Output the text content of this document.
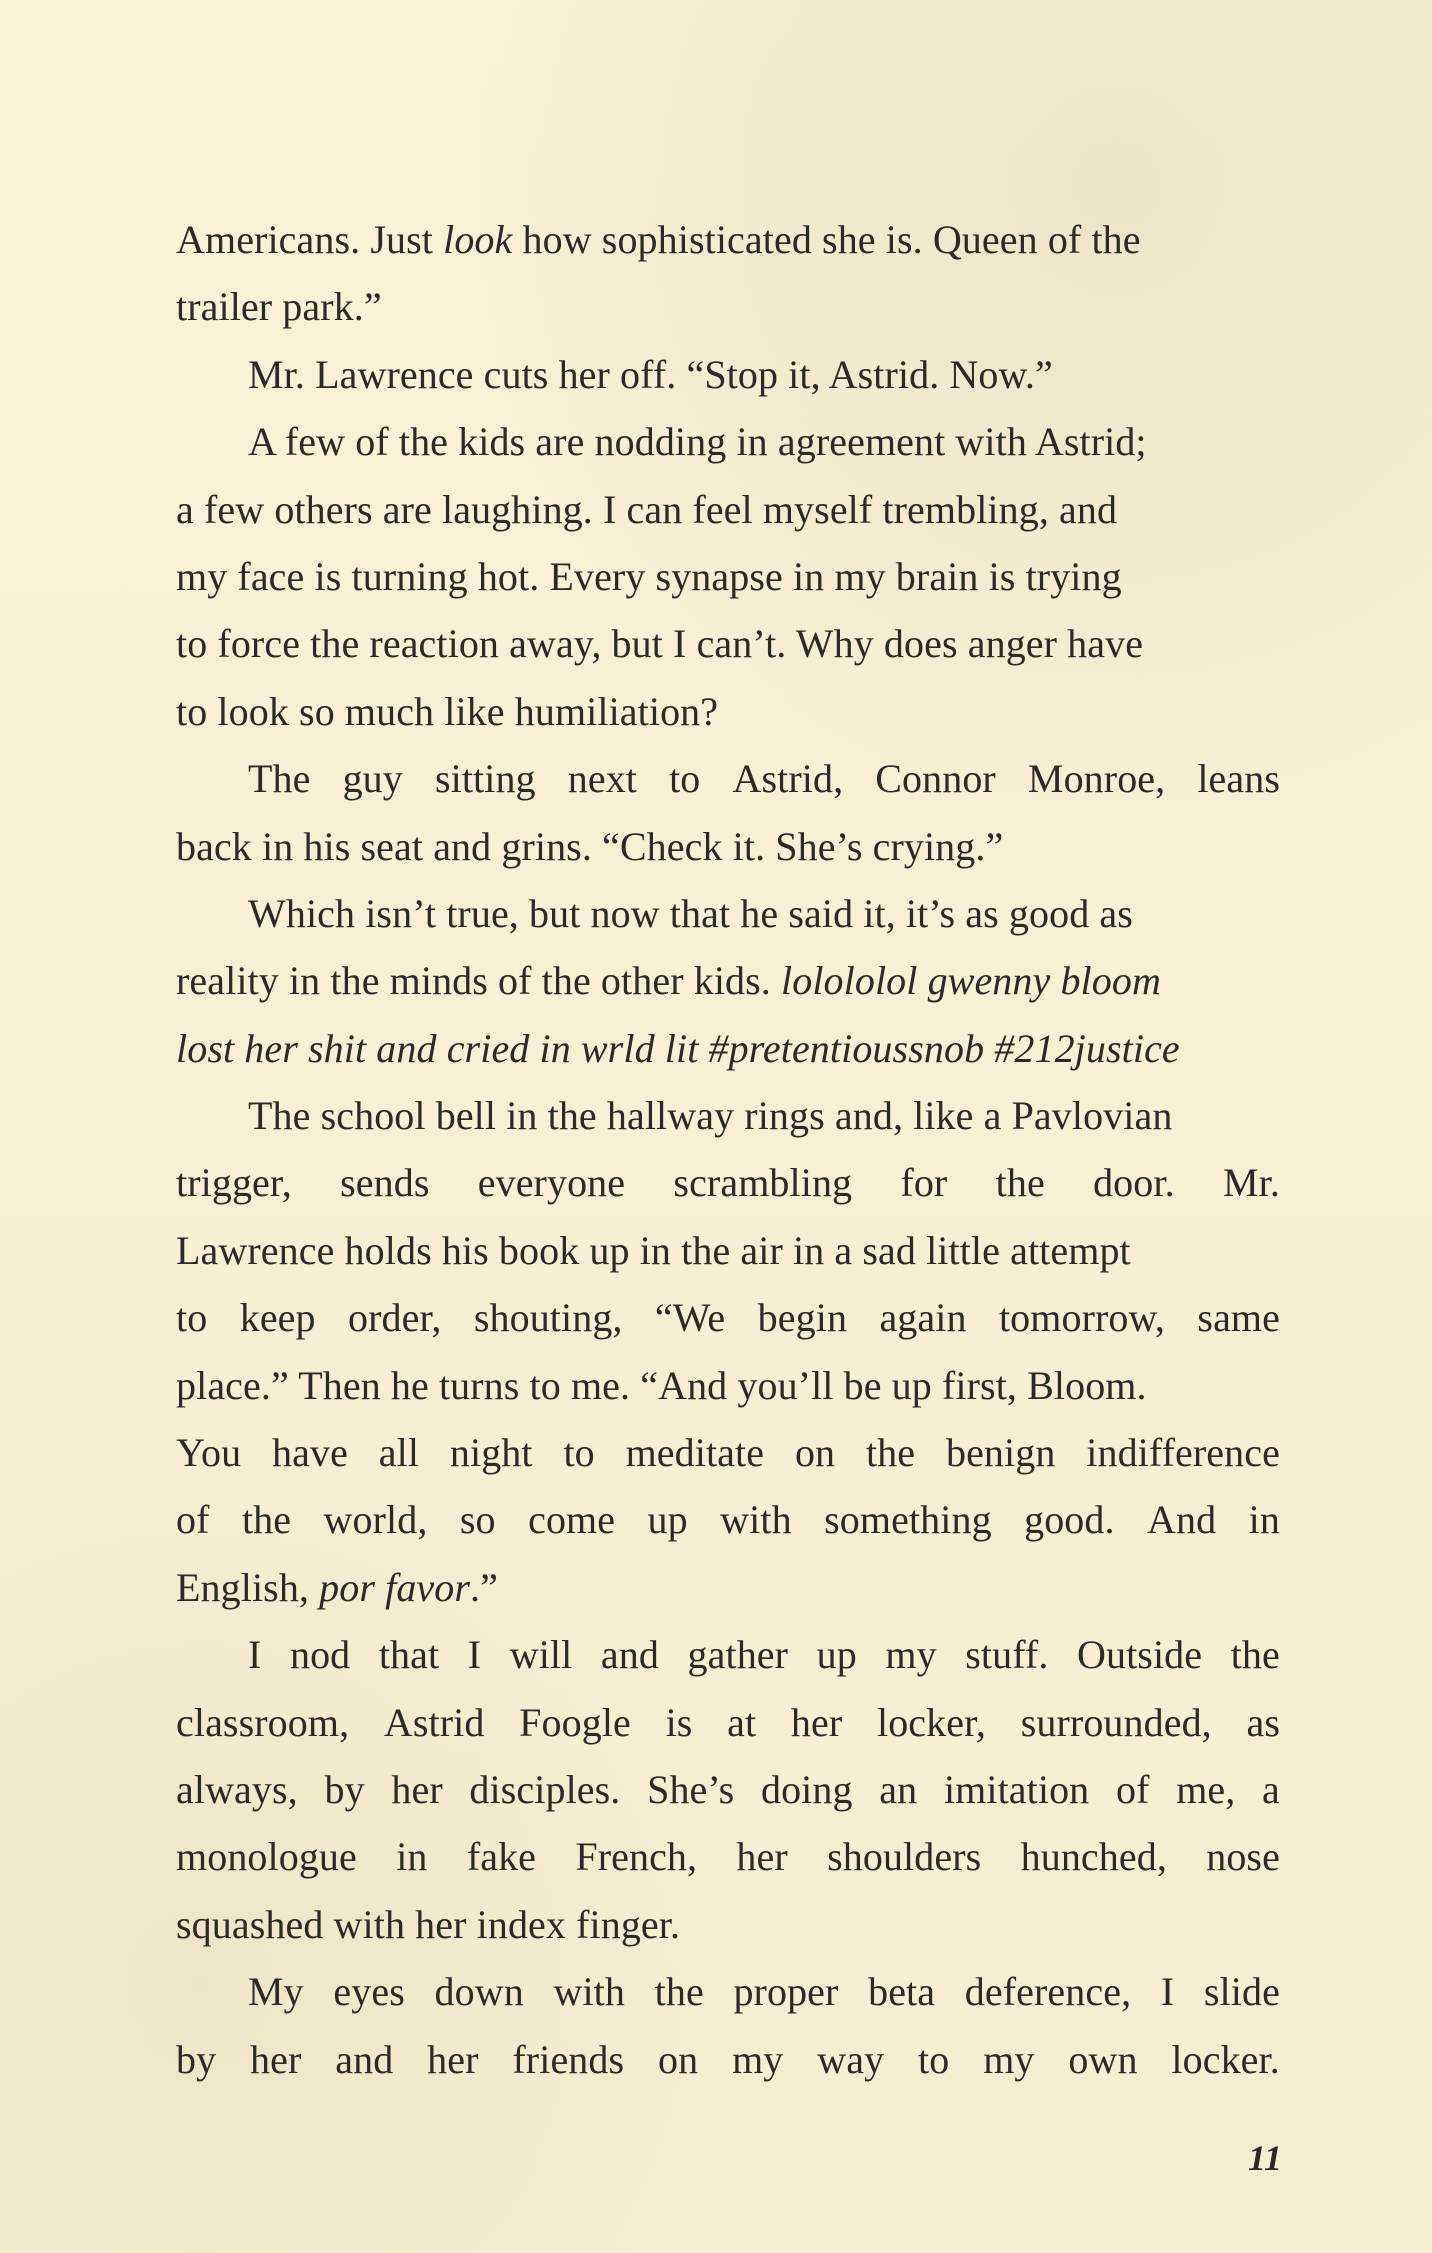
Americans. Just look how sophisticated she is. Queen of the
trailer park.”
Mr. Lawrence cuts her off. “Stop it, Astrid. Now.”
A few of the kids are nodding in agreement with Astrid;
a few others are laughing. I can feel myself trembling, and
my face is turning hot. Every synapse in my brain is trying
to force the reaction away, but I can’t. Why does anger have
to look so much like humiliation?
The guy sitting next to Astrid, Connor Monroe, leans
back in his seat and grins. “Check it. She’s crying.”
Which isn’t true, but now that he said it, it’s as good as
reality in the minds of the other kids. lolololol gwenny bloom
lost her shit and cried in wrld lit #pretentioussnob #212justice
The school bell in the hallway rings and, like a Pavlovian
trigger, sends everyone scrambling for the door. Mr.
Lawrence holds his book up in the air in a sad little attempt
to keep order, shouting, “We begin again tomorrow, same
place.” Then he turns to me. “And you’ll be up first, Bloom.
You have all night to meditate on the benign indifference
of the world, so come up with something good. And in
English, por favor.”
I nod that I will and gather up my stuff. Outside the
classroom, Astrid Foogle is at her locker, surrounded, as
always, by her disciples. She’s doing an imitation of me, a
monologue in fake French, her shoulders hunched, nose
squashed with her index finger.
My eyes down with the proper beta deference, I slide
by her and her friends on my way to my own locker.
11
